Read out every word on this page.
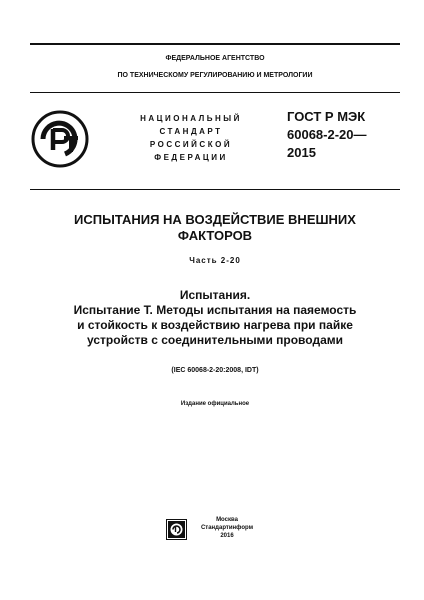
ФЕДЕРАЛЬНОЕ АГЕНТСТВО
ПО ТЕХНИЧЕСКОМУ РЕГУЛИРОВАНИЮ И МЕТРОЛОГИИ
НАЦИОНАЛЬНЫЙ
СТАНДАРТ
РОССИЙСКОЙ
ФЕДЕРАЦИИ
ГОСТ Р МЭК
60068-2-20—
2015
ИСПЫТАНИЯ НА ВОЗДЕЙСТВИЕ ВНЕШНИХ
ФАКТОРОВ
Часть 2-20
Испытания.
Испытание Т. Методы испытания на паяемость
и стойкость к воздействию нагрева при пайке
устройств с соединительными проводами
(IEC 60068-2-20:2008, IDT)
Издание официальное
Москва
Стандартинформ
2016
